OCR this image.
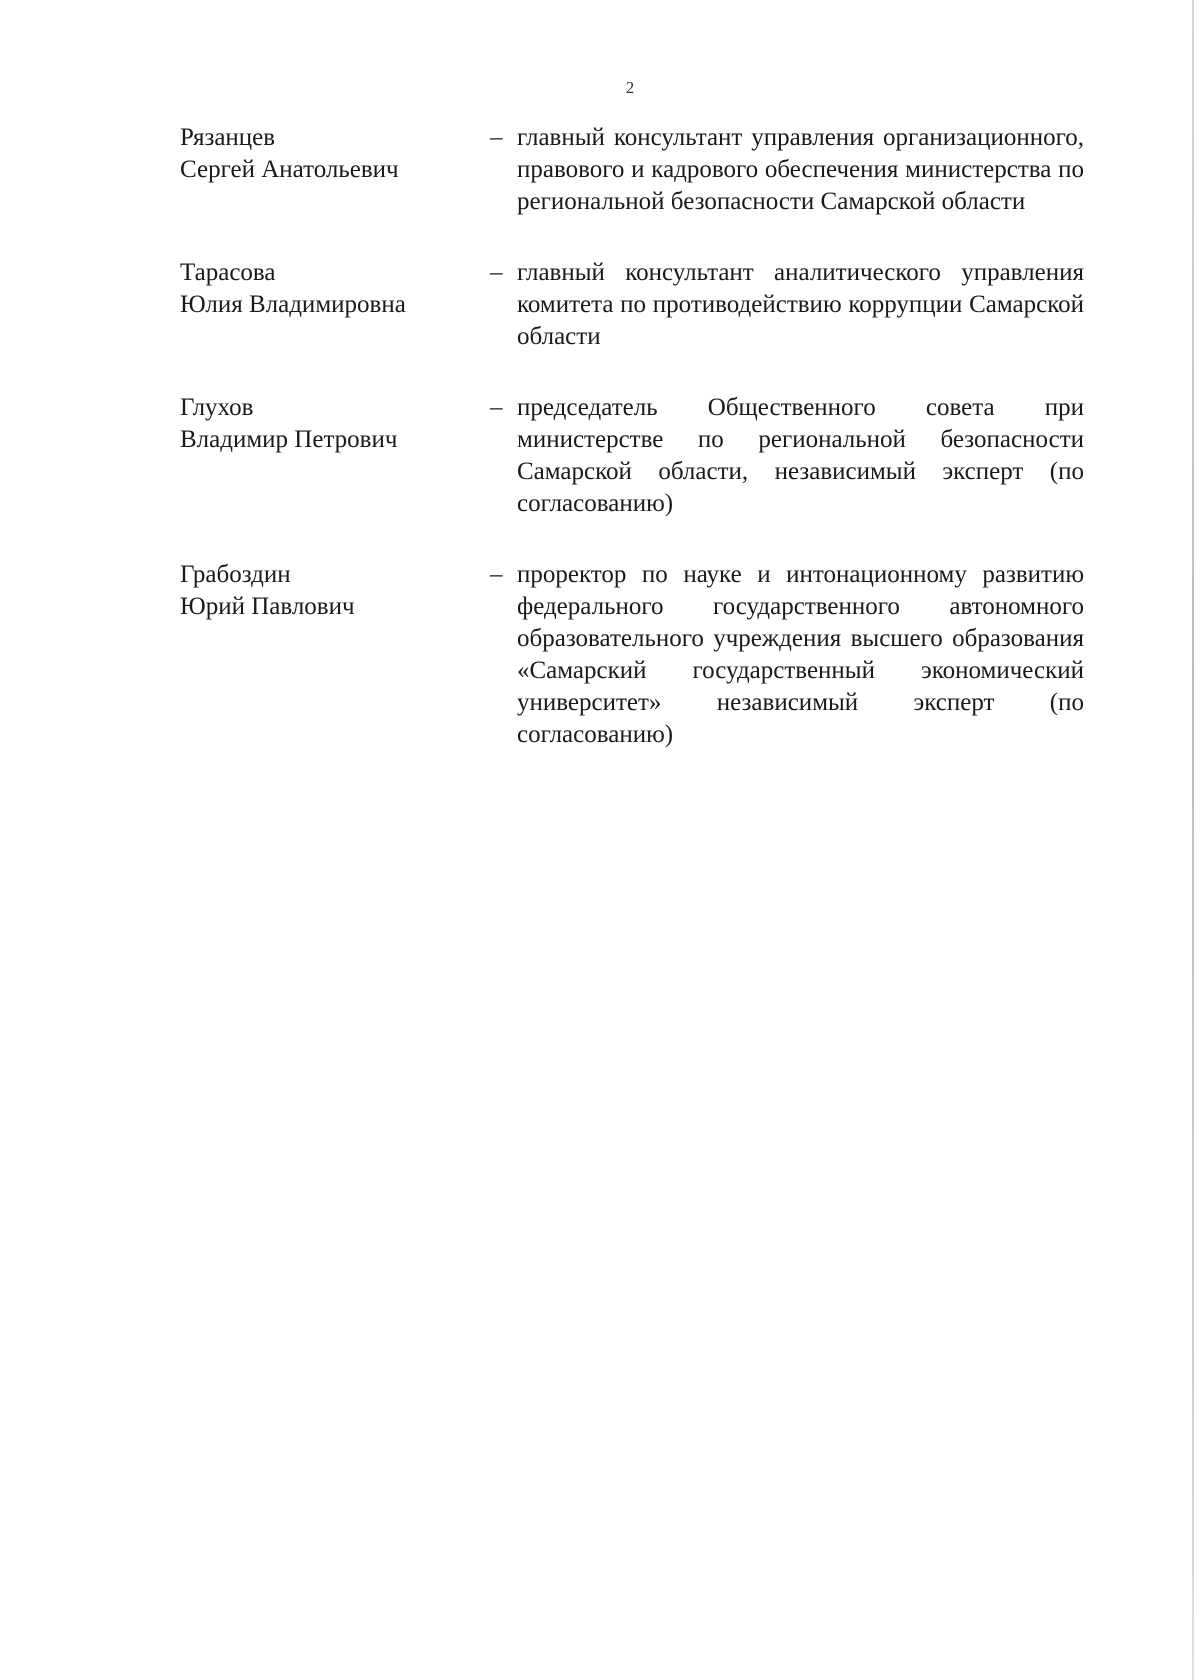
2
Рязанцев
Сергей Анатольевич
– главный консультант управления организационного, правового и кадрового обеспечения министерства по региональной безопасности Самарской области
Тарасова
Юлия Владимировна
– главный консультант аналитического управления комитета по противодействию коррупции Самарской области
Глухов
Владимир Петрович
– председатель Общественного совета при министерстве по региональной безопасности Самарской области, независимый эксперт (по согласованию)
Грабоздин
Юрий Павлович
– проректор по науке и интонационному развитию федерального государственного автономного образовательного учреждения высшего образования «Самарский государственный экономический университет» независимый эксперт (по согласованию)
